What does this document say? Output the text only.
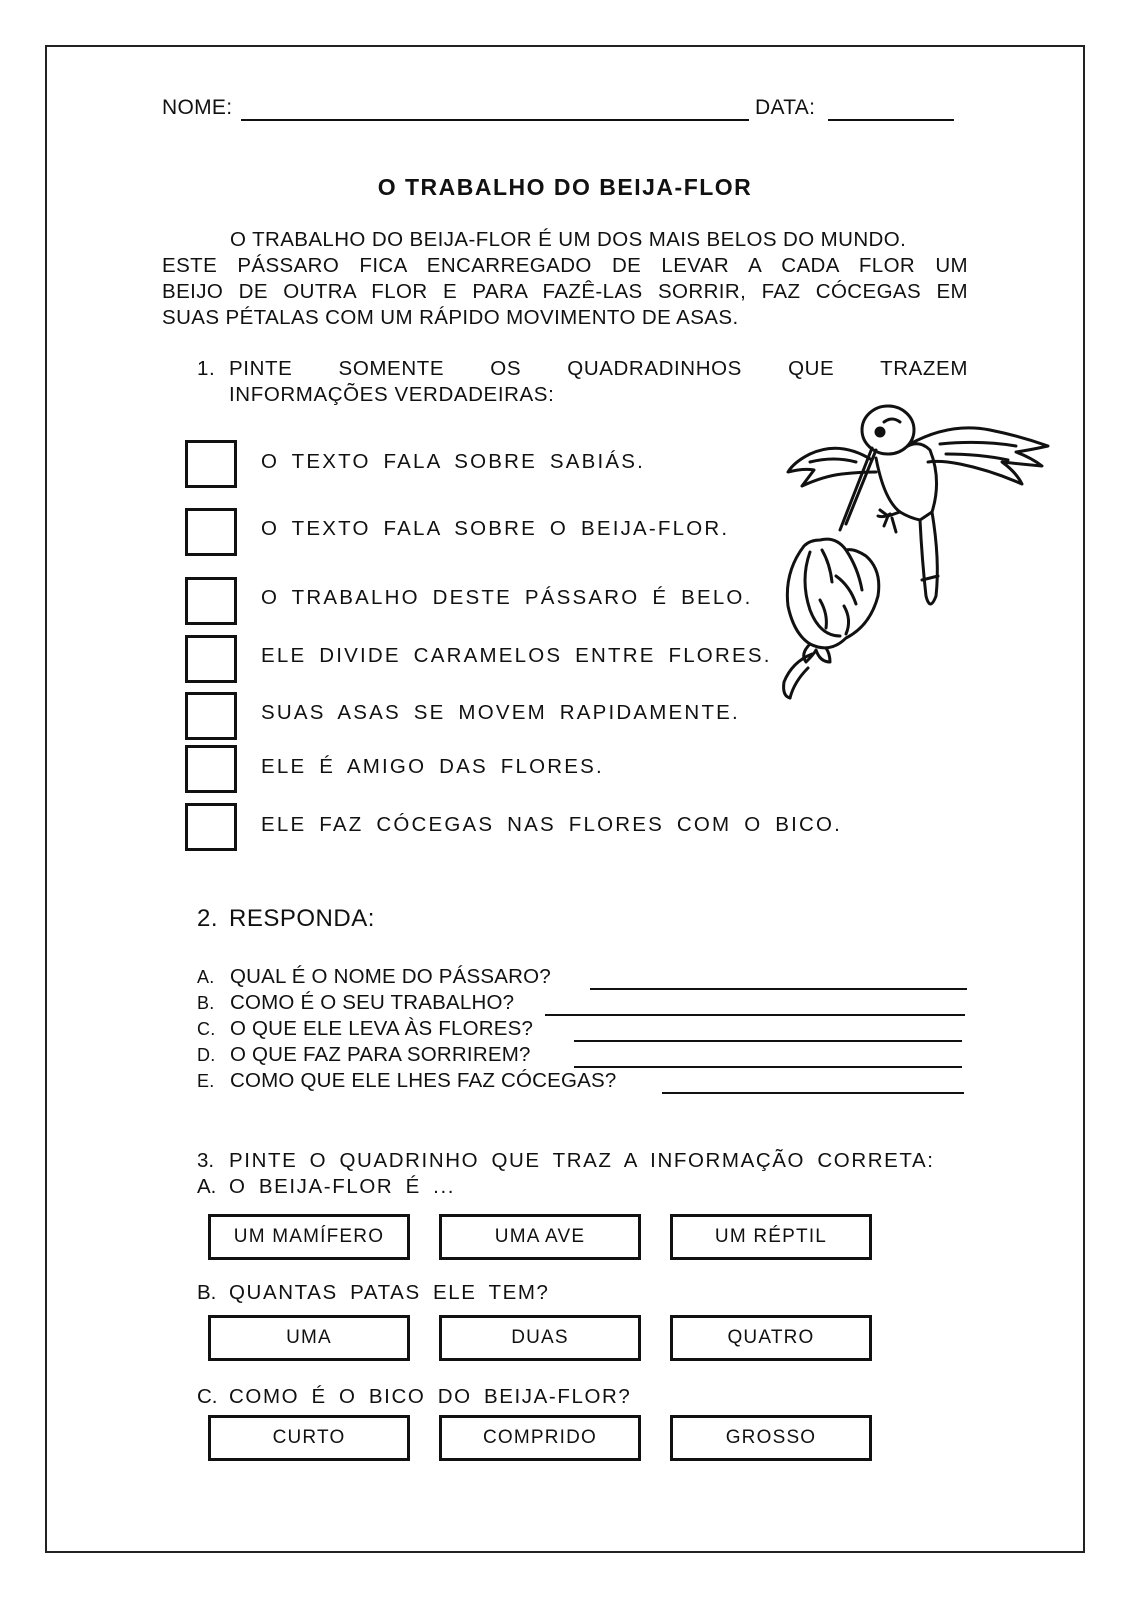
NOME:	DATA:
O TRABALHO DO BEIJA-FLOR

O TRABALHO DO BEIJA-FLOR É UM DOS MAIS BELOS DO MUNDO.

ESTE PÁSSARO FICA ENCARREGADO DE LEVAR A CADA FLOR UM

BEIJO DE OUTRA FLOR E PARA FAZÊ-LAS SORRIR, FAZ CÓCEGAS EM

SUAS PÉTALAS COM UM RÁPIDO MOVIMENTO DE ASAS.

1. PINTE SOMENTE OS QUADRADINHOS QUE TRAZEM
INFORMAÇÕES VERDADEIRAS:
O TEXTO FALA SOBRE SABIÁS.
O TEXTO FALA SOBRE O BEIJA-FLOR.
O TRABALHO DESTE PÁSSARO É BELO.
ELE DIVIDE CARAMELOS ENTRE FLORES.
SUAS ASAS SE MOVEM RAPIDAMENTE.
ELE É AMIGO DAS FLORES.
ELE FAZ CÓCEGAS NAS FLORES COM O BICO.
2. RESPONDA:
A. QUAL É O NOME DO PÁSSARO?
B. COMO É O SEU TRABALHO?
C. O QUE ELE LEVA ÀS FLORES?
D. O QUE FAZ PARA SORRIREM?
E. COMO QUE ELE LHES FAZ CÓCEGAS?
3. PINTE O QUADRINHO QUE TRAZ A INFORMAÇÃO CORRETA:
A. O BEIJA-FLOR É ...
UM MAMÍFERO	UMA AVE	UM RÉPTIL
B. QUANTAS PATAS ELE TEM?
UMA	DUAS	QUATRO
C. COMO É O BICO DO BEIJA-FLOR?
CURTO	COMPRIDO	GROSSO
